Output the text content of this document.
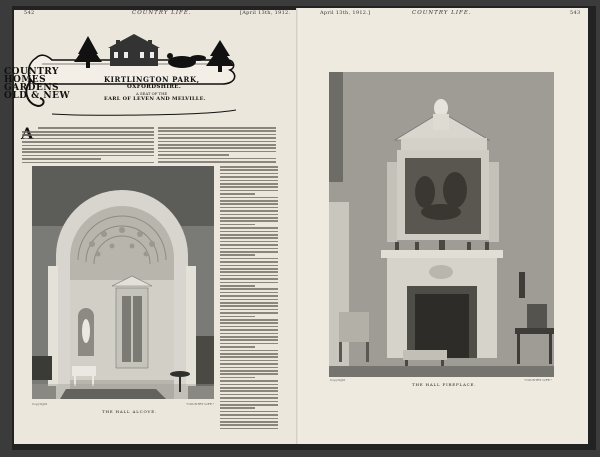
542	COUNTRY LIFE.	[April 13th, 1912.
COUNTRY
HOMES
GARDENS
OLD & NEW
KIRTLINGTON PARK,
OXFORDSHIRE.
A SEAT OF THE
EARL OF LEVEN AND MELVILLE.
THE HALL ALCOVE.
Copyright	"COUNTRY LIFE."
April 13th, 1912.]	COUNTRY LIFE.	543
THE HALL FIREPLACE.
Copyright	"COUNTRY LIFE."
